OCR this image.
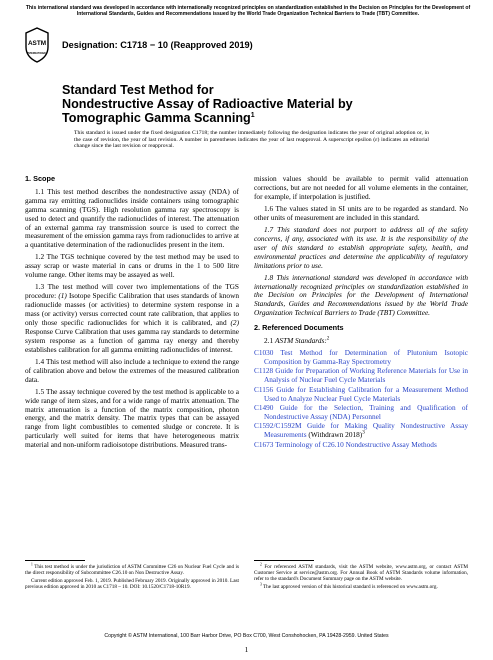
This international standard was developed in accordance with internationally recognized principles on standardization established in the Decision on Principles for the Development of International Standards, Guides and Recommendations issued by the World Trade Organization Technical Barriers to Trade (TBT) Committee.
ASTM
INTERNATIONAL
Designation: C1718 − 10 (Reapproved 2019)
Standard Test Method for
Nondestructive Assay of Radioactive Material by
Tomographic Gamma Scanning$^1$
This standard is issued under the fixed designation C1718; the number immediately following the designation indicates the year of original adoption or, in the case of revision, the year of last revision. A number in parentheses indicates the year of last reapproval. A superscript epsilon (ε) indicates an editorial change since the last revision or reapproval.
1. Scope

1.1 This test method describes the nondestructive assay (NDA) of gamma ray emitting radionuclides inside containers using tomographic gamma scanning (TGS). High resolution gamma ray spectroscopy is used to detect and quantify the radionuclides of interest. The attenuation of an external gamma ray transmission source is used to correct the measurement of the emission gamma rays from radionuclides to arrive at a quantitative determination of the radionuclides present in the item.

1.2 The TGS technique covered by the test method may be used to assay scrap or waste material in cans or drums in the 1 to 500 litre volume range. Other items may be assayed as well.

1.3 The test method will cover two implementations of the TGS procedure: (1) Isotope Specific Calibration that uses standards of known radionuclide masses (or activities) to determine system response in a mass (or activity) versus corrected count rate calibration, that applies to only those specific radionuclides for which it is calibrated, and (2) Response Curve Calibration that uses gamma ray standards to determine system response as a function of gamma ray energy and thereby establishes calibration for all gamma emitting radionuclides of interest.

1.4 This test method will also include a technique to extend the range of calibration above and below the extremes of the measured calibration data.

1.5 The assay technique covered by the test method is applicable to a wide range of item sizes, and for a wide range of matrix attenuation. The matrix attenuation is a function of the matrix composition, photon energy, and the matrix density. The matrix types that can be assayed range from light combustibles to cemented sludge or concrete. It is particularly well suited for items that have heterogeneous matrix material and non-uniform radioisotope distributions. Measured trans-

mission values should be available to permit valid attenuation corrections, but are not needed for all volume elements in the container, for example, if interpolation is justified.

1.6 The values stated in SI units are to be regarded as standard. No other units of measurement are included in this standard.

1.7 This standard does not purport to address all of the safety concerns, if any, associated with its use. It is the responsibility of the user of this standard to establish appropriate safety, health, and environmental practices and determine the applicability of regulatory limitations prior to use.

1.8 This international standard was developed in accordance with internationally recognized principles on standardization established in the Decision on Principles for the Development of International Standards, Guides and Recommendations issued by the World Trade Organization Technical Barriers to Trade (TBT) Committee.

2. Referenced Documents

2.1 ASTM Standards:$^2$

C1030 Test Method for Determination of Plutonium Isotopic Composition by Gamma-Ray Spectrometry
C1128 Guide for Preparation of Working Reference Materials for Use in Analysis of Nuclear Fuel Cycle Materials
C1156 Guide for Establishing Calibration for a Measurement Method Used to Analyze Nuclear Fuel Cycle Materials
C1490 Guide for the Selection, Training and Qualification of Nondestructive Assay (NDA) Personnel
C1592/C1592M Guide for Making Quality Nondestructive Assay Measurements (Withdrawn 2018)$^3$
C1673 Terminology of C26.10 Nondestructive Assay Methods

$^1$ This test method is under the jurisdiction of ASTM Committee C26 on Nuclear Fuel Cycle and is the direct responsibility of Subcommittee C26.10 on Non Destructive Assay.

Current edition approved Feb. 1, 2019. Published February 2019. Originally approved in 2010. Last previous edition approved in 2010 as C1718 – 10. DOI: 10.1520/C1718-10R19.

$^2$ For referenced ASTM standards, visit the ASTM website, www.astm.org, or contact ASTM Customer Service at service@astm.org. For Annual Book of ASTM Standards volume information, refer to the standard's Document Summary page on the ASTM website.

$^3$ The last approved version of this historical standard is referenced on www.astm.org.

Copyright © ASTM International, 100 Barr Harbor Drive, PO Box C700, West Conshohocken, PA 19428-2959. United States
1
